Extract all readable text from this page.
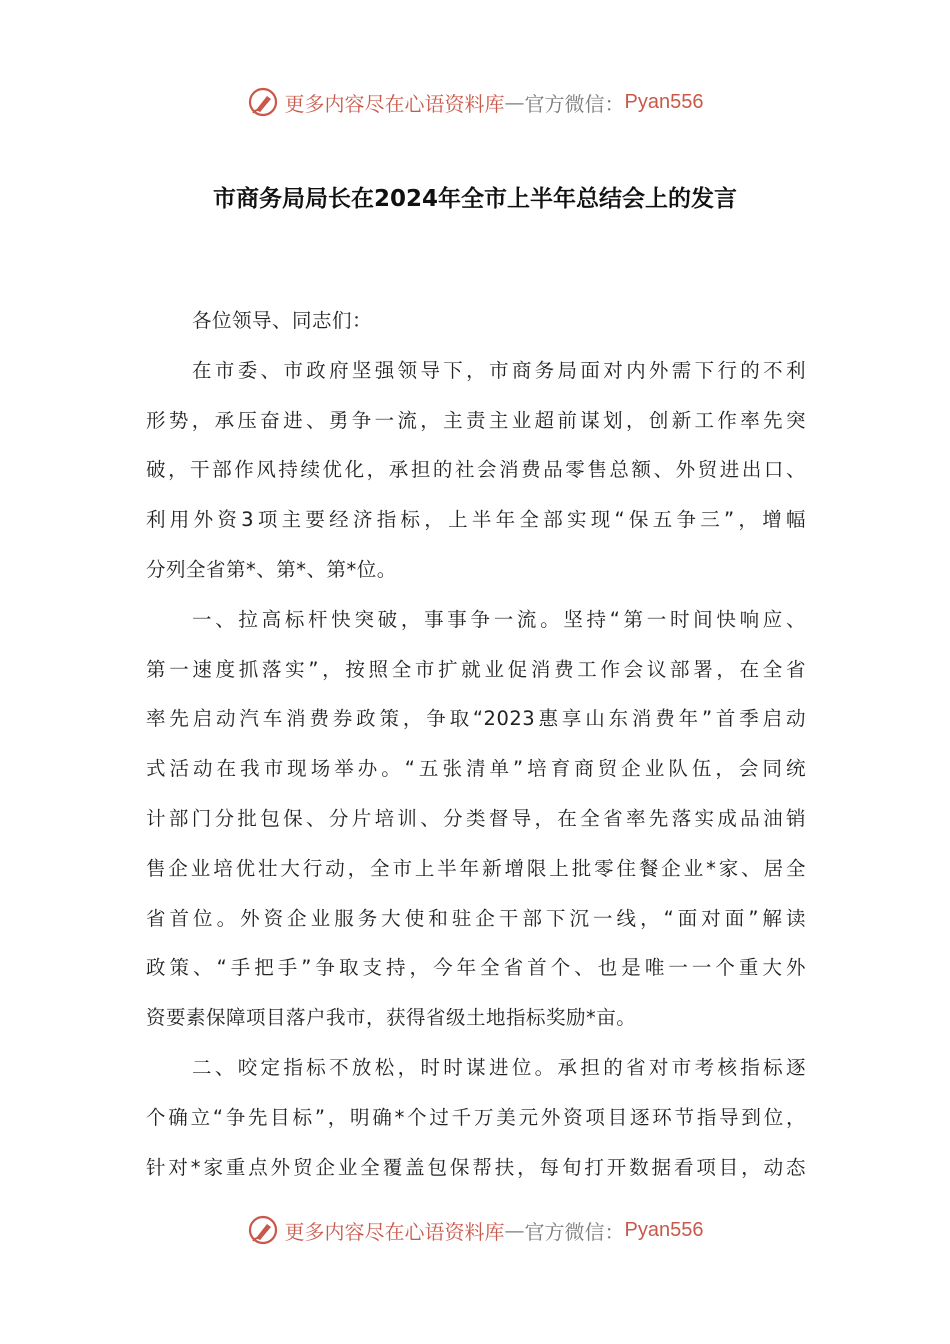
更多内容尽在心语资料库 — 官方微信： Pyan556
市商务局局长在2024年全市上半年总结会上的发言
各位领导、同志们：
在市委、市政府坚强领导下，市商务局面对内外需下行的不利
形势，承压奋进、勇争一流，主责主业超前谋划，创新工作率先突
破，干部作风持续优化，承担的社会消费品零售总额、外贸进出口、
利用外资3项主要经济指标，上半年全部实现“保五争三”，增幅
分列全省第*、第*、第*位。
一、拉高标杆快突破，事事争一流。坚持“第一时间快响应、
第一速度抓落实”，按照全市扩就业促消费工作会议部署，在全省
率先启动汽车消费券政策，争取“2023惠享山东消费年”首季启动
式活动在我市现场举办。“五张清单”培育商贸企业队伍，会同统
计部门分批包保、分片培训、分类督导，在全省率先落实成品油销
售企业培优壮大行动，全市上半年新增限上批零住餐企业*家、居全
省首位。外资企业服务大使和驻企干部下沉一线，“面对面”解读
政策、“手把手”争取支持，今年全省首个、也是唯一一个重大外
资要素保障项目落户我市，获得省级土地指标奖励*亩。
二、咬定指标不放松，时时谋进位。承担的省对市考核指标逐
个确立“争先目标”，明确*个过千万美元外资项目逐环节指导到位，
针对*家重点外贸企业全覆盖包保帮扶，每旬打开数据看项目，动态
更多内容尽在心语资料库 — 官方微信： Pyan556
